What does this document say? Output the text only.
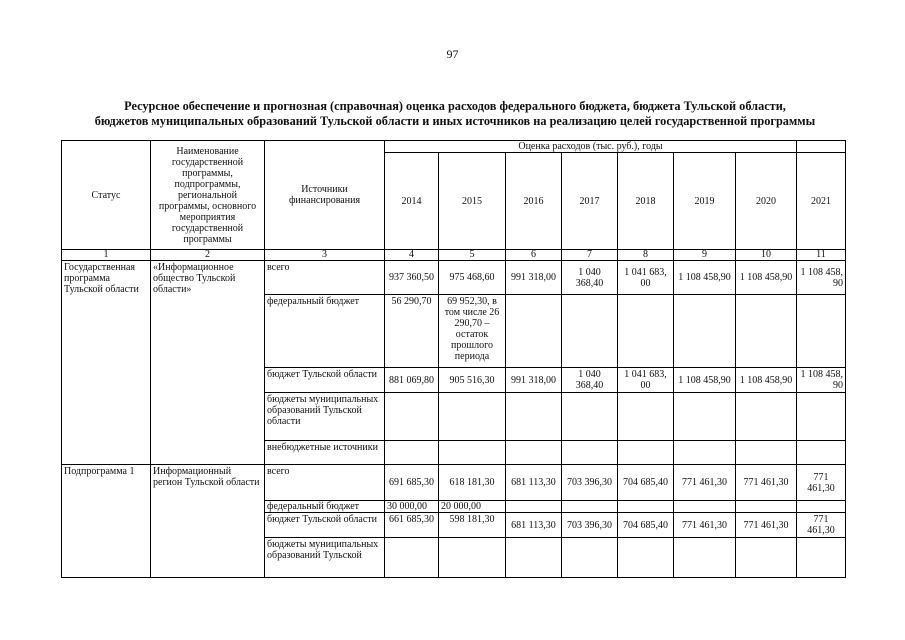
97
Ресурсное обеспечение и прогнозная (справочная) оценка расходов федерального бюджета, бюджета Тульской области,
бюджетов муниципальных образований Тульской области и иных источников на реализацию целей государственной программы
Статус	Наименование государственной программы, подпрограммы, региональной программы, основного мероприятия государственной программы	Источники финансирования	Оценка расходов (тыс. руб.), годы							
			2014	2015	2016	2017	2018	2019	2020	2021
1	2	3	4	5	6	7	8	9	10	11
Государственная программа Тульской области	«Информационное общество Тульской области»	всего	937 360,50	975 468,60	991 318,00	1 040 368,40	1 041 683, 00	1 108 458,90	1 108 458,90	1 108 458, 90
		федеральный бюджет	56 290,70	69 952,30, в том числе 26 290,70 – остаток прошлого периода						
		бюджет Тульской области	881 069,80	905 516,30	991 318,00	1 040 368,40	1 041 683, 00	1 108 458,90	1 108 458,90	1 108 458, 90
		бюджеты муниципальных образований Тульской области								
		внебюджетные источники								
Подпрограмма 1	Информационный регион Тульской области	всего	691 685,30	618 181,30	681 113,30	703 396,30	704 685,40	771 461,30	771 461,30	771 461,30
		федеральный бюджет	30 000,00	20 000,00						
		бюджет Тульской области	661 685,30	598 181,30	681 113,30	703 396,30	704 685,40	771 461,30	771 461,30	771 461,30
		бюджеты муниципальных образований Тульской								
